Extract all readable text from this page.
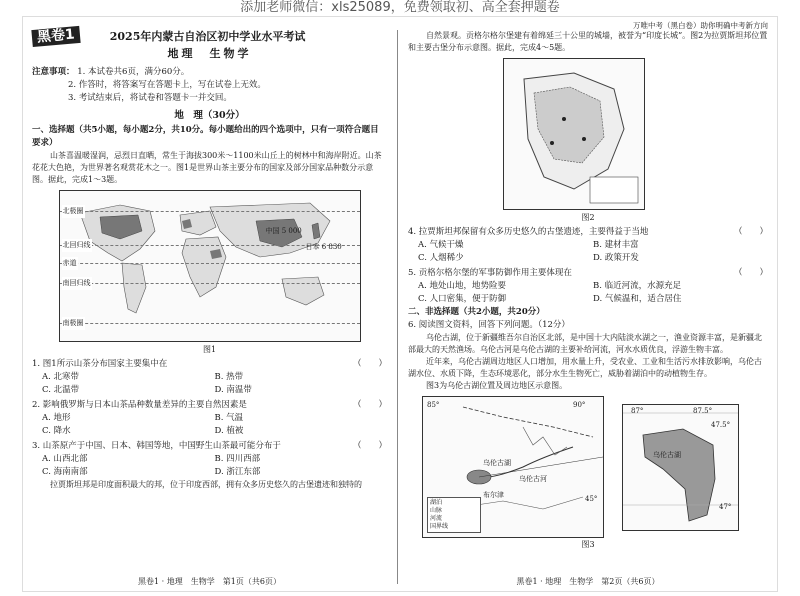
添加老师微信：xls25089，免费领取初、高全套押题卷
黑卷1	2025年内蒙古自治区初中学业水平考试
地理　生物学
注意事项： 1. 本试卷共6页，满分60分。
2. 作答时，将答案写在答题卡上，写在试卷上无效。
3. 考试结束后，将试卷和答题卡一并交回。
地　理（30分）
一、选择题（共5小题，每小题2分，共10分。每小题给出的四个选项中，只有一项符合题目要求）
山茶喜温暖湿润，忌烈日直晒，常生于海拔300米～1100米山丘上的树林中和海岸附近。山茶花花大色艳，为世界著名观赏花木之一。图1是世界山茶主要分布的国家及部分国家品种数分示意图。据此，完成1～3题。
北极圈
北回归线
赤道
南回归线
南极圈
中国 5 000
日本 6 830
图1
1. 图1所示山茶分布国家主要集中在	（　　）
A. 北寒带	B. 热带
C. 北温带	D. 南温带
2. 影响俄罗斯与日本山茶品种数量差异的主要自然因素是	（　　）
A. 地形	B. 气温
C. 降水	D. 植被
3. 山茶原产于中国、日本、韩国等地，中国野生山茶最可能分布于	（　　）
A. 山西北部	B. 四川西部
C. 海南南部	D. 浙江东部
拉贾斯坦邦是印度面积最大的邦，位于印度西部，拥有众多历史悠久的古堡遗迹和独特的
黑卷1 · 地理　生物学　第1页（共6页）
万唯中考（黑白卷）助你明确中考新方向
自然景观。贡格尔格尔堡建有着绵延三十公里的城墙，被誉为“印度长城”。图2为拉贾斯坦邦位置和主要古堡分布示意图。据此，完成4～5题。
图2
4. 拉贾斯坦邦保留有众多历史悠久的古堡遗迹，主要得益于当地	（　　）
A. 气候干燥	B. 建材丰富
C. 人烟稀少	D. 政策开发
5. 贡格尔格尔堡的军事防御作用主要体现在	（　　）
A. 地处山地，地势险要	B. 临近河流，水源充足
C. 人口密集，便于防御	D. 气候温和，适合居住
二、非选择题（共2小题，共20分）
6. 阅读图文资料，回答下列问题。（12分）
乌伦古湖，位于新疆维吾尔自治区北部，是中国十大内陆淡水湖之一，渔业资源丰富，是新疆北部最大的天然渔场。乌伦古河是乌伦古湖的主要补给河流，河水水质优良，浮游生物丰富。
近年来，乌伦古湖周边地区人口增加，用水量上升，受农业、工业和生活污水排放影响，乌伦古湖水位、水质下降，生态环境恶化，部分水生生物死亡，威胁着湖泊中的动植物生存。
图3为乌伦古湖位置及周边地区示意图。
85°	90°
45°
乌伦古湖
乌伦古河
布尔津
湖泊
山脉
河流
国界线
87°	87.5°
47.5°
47°
乌伦古湖
图3
黑卷1 · 地理　生物学　第2页（共6页）
